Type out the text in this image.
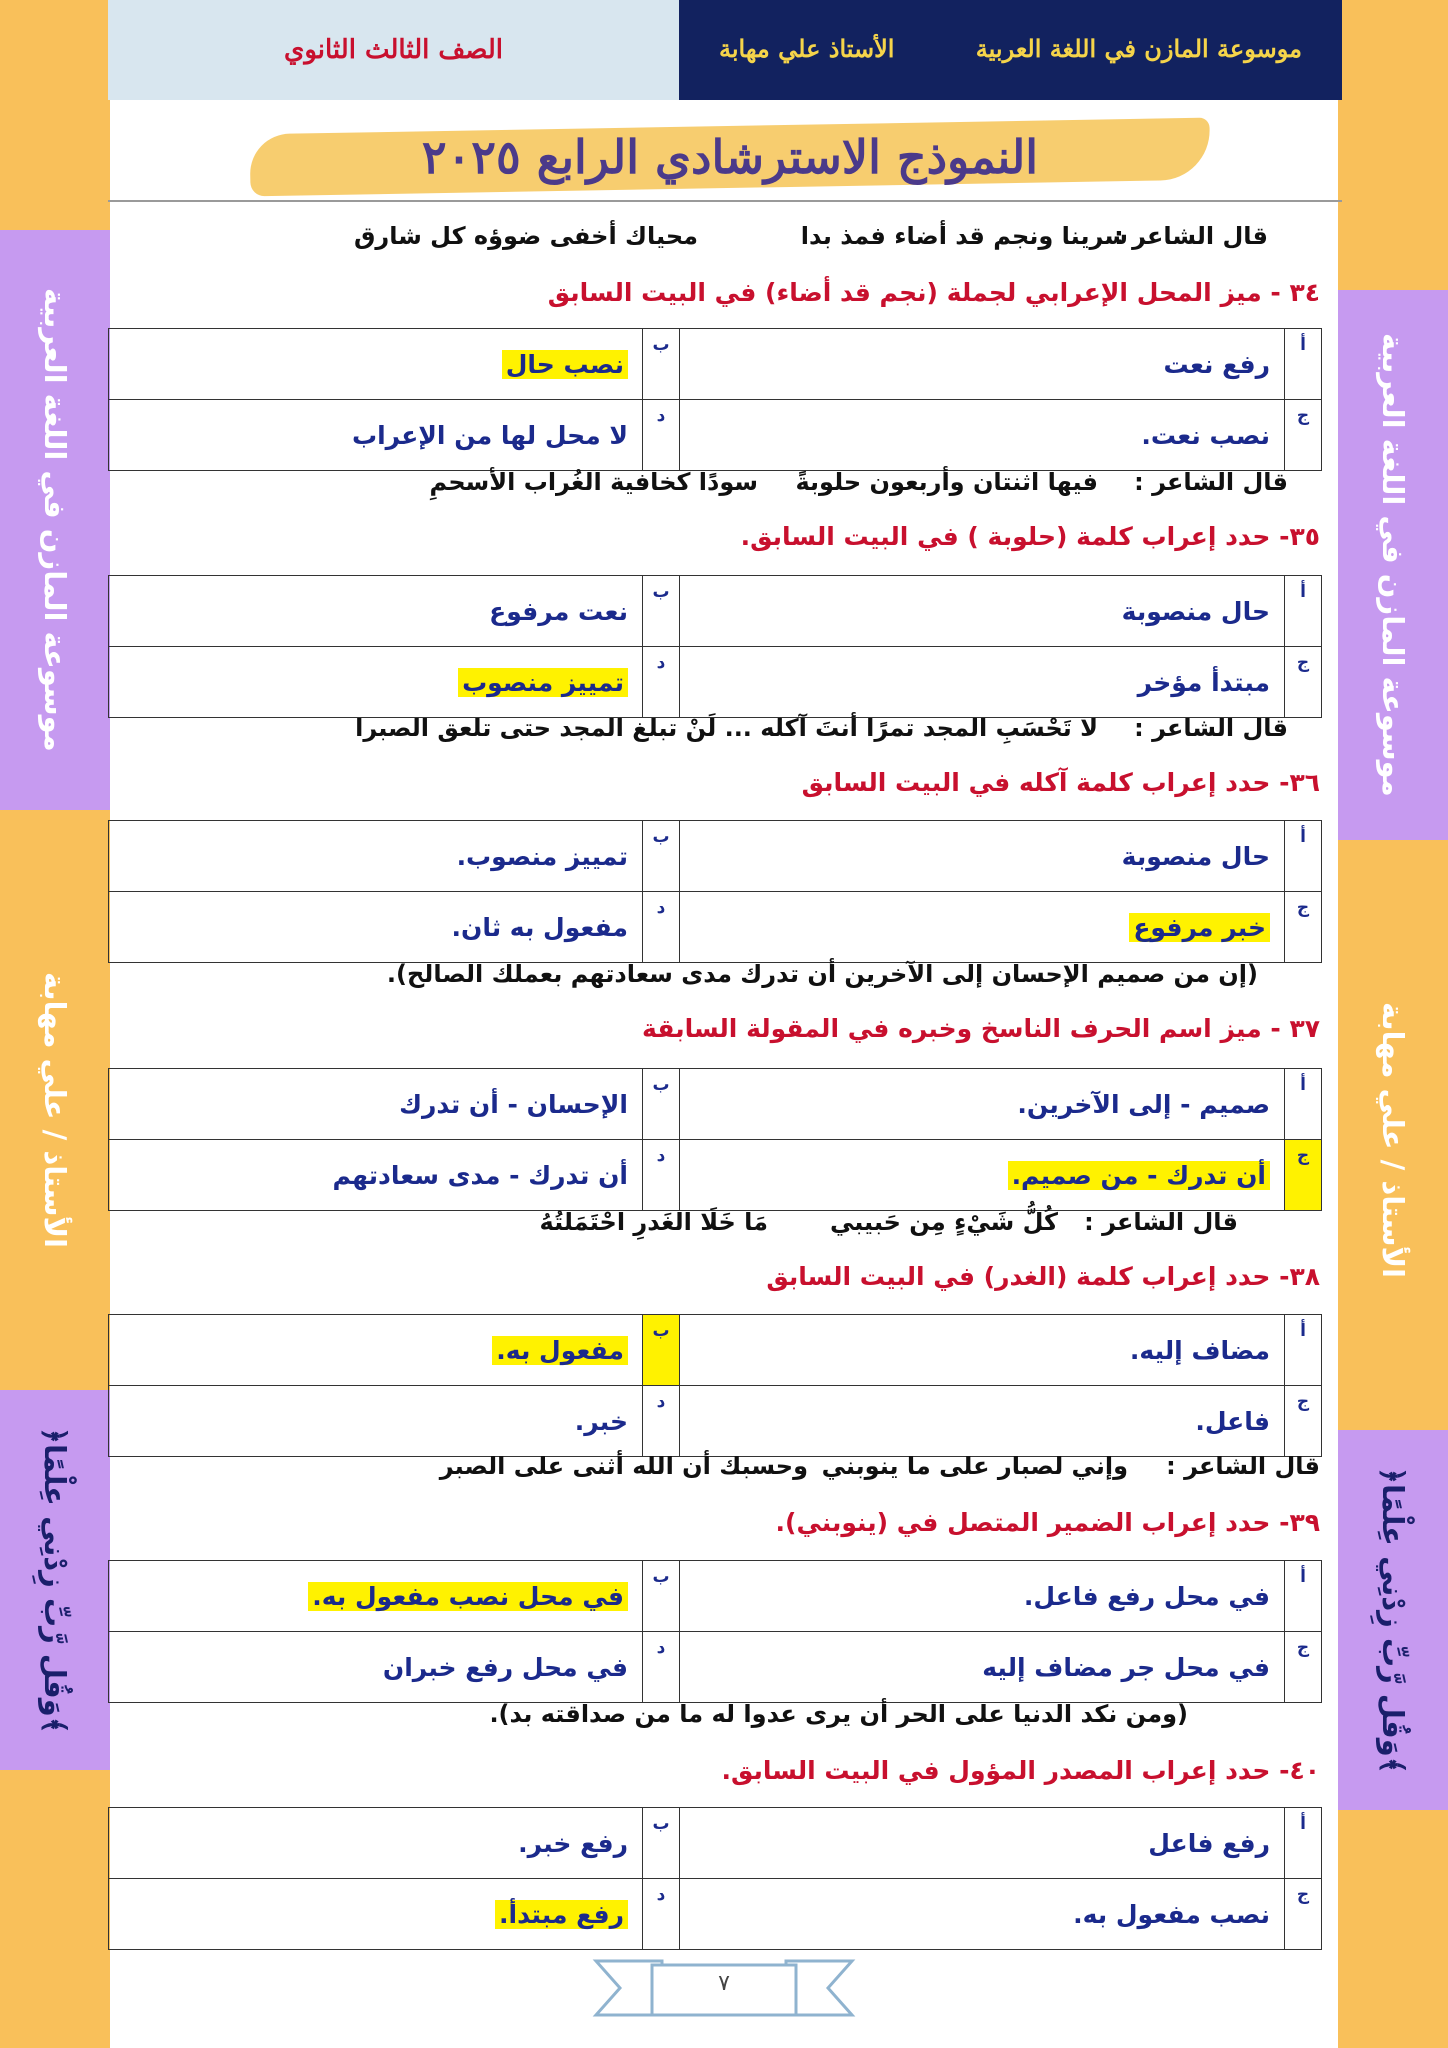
موسوعة المازن في اللغة العربية
الأستاذ / علي مهابة
﴿وَقُل رَّبِّ زِدْنِي عِلْمًا﴾
موسوعة المازن في اللغة العربية
الأستاذ / علي مهابة
﴿وَقُل رَّبِّ زِدْنِي عِلْمًا﴾
الصف الثالث الثانوي	الأستاذ علي مهابة	موسوعة المازن في اللغة العربية
النموذج الاسترشادي الرابع ٢٠٢٥
قال الشاعر :
سرينا ونجم قد أضاء فمذ بدا
محياك أخفى ضوؤه كل شارق
٣٤ - ميز المحل الإعرابي لجملة (نجم قد أضاء) في البيت السابق
أ	رفع نعت	ب	نصب حال
ج	نصب نعت.	د	لا محل لها من الإعراب
قال الشاعر :
فيها اثنتان وأربعون حلوبةً
سودًا كخافية الغُراب الأسحمِ
٣٥- حدد إعراب كلمة (حلوبة ) في البيت السابق.
أ	حال منصوبة	ب	نعت مرفوع
ج	مبتدأ مؤخر	د	تمييز منصوب
قال الشاعر :
لا تَحْسَبِ المجد تمرًا أنتَ آكله ... لَنْ تبلغ المجد حتى تلعق الصبرا
٣٦- حدد إعراب كلمة آكله في البيت السابق
أ	حال منصوبة	ب	تمييز منصوب.
ج	خبر مرفوع	د	مفعول به ثان.
(إن من صميم الإحسان إلى الآخرين أن تدرك مدى سعادتهم بعملك الصالح).
٣٧ - ميز اسم الحرف الناسخ وخبره في المقولة السابقة
أ	صميم - إلى الآخرين.	ب	الإحسان - أن تدرك
ج	أن تدرك - من صميم.	د	أن تدرك - مدى سعادتهم
قال الشاعر :
كُلُّ شَيْءٍ مِن حَبيبي
مَا خَلَا الغَدرِ احْتَمَلتُهُ
٣٨- حدد إعراب كلمة (الغدر) في البيت السابق
أ	مضاف إليه.	ب	مفعول به.
ج	فاعل.	د	خبر.
قال الشاعر :
وإني لصبار على ما ينوبني
وحسبك أن الله أثنى على الصبر
٣٩- حدد إعراب الضمير المتصل في (ينوبني).
أ	في محل رفع فاعل.	ب	في محل نصب مفعول به.
ج	في محل جر مضاف إليه	د	في محل رفع خبران
(ومن نكد الدنيا على الحر أن يرى عدوا له ما من صداقته بد).
٤٠- حدد إعراب المصدر المؤول في البيت السابق.
أ	رفع فاعل	ب	رفع خبر.
ج	نصب مفعول به.	د	رفع مبتدأ.
٧
